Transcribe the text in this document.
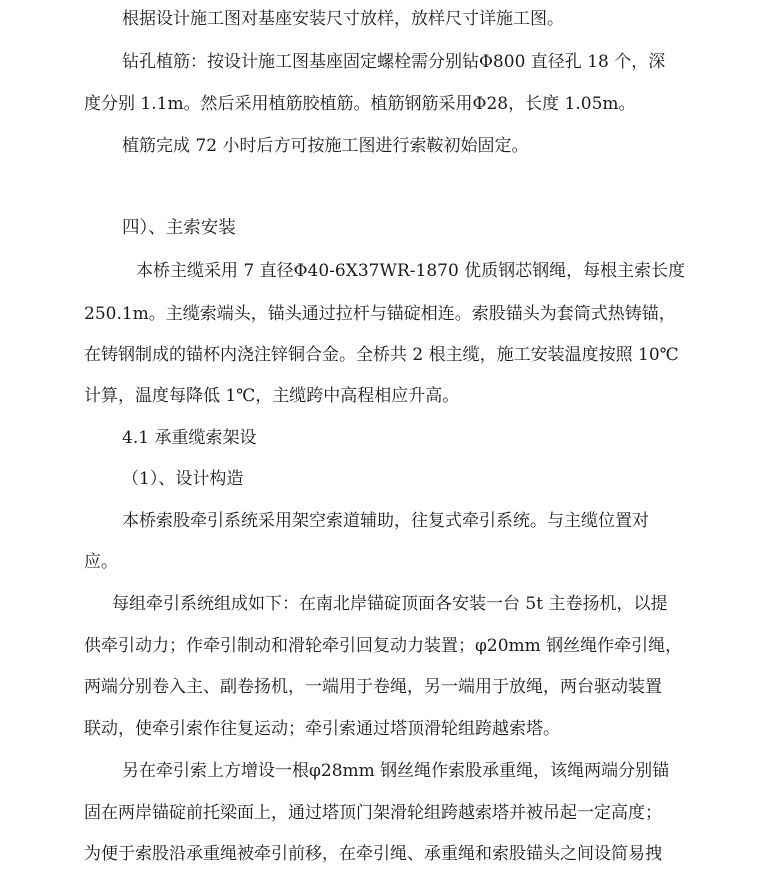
根据设计施工图对基座安装尺寸放样，放样尺寸详施工图。
钻孔植筋：按设计施工图基座固定螺栓需分别钻Φ800 直径孔 18 个，深
度分别 1.1m。然后采用植筋胶植筋。植筋钢筋采用Φ28，长度 1.05m。
植筋完成 72 小时后方可按施工图进行索鞍初始固定。
四）、主索安装
本桥主缆采用 7 直径Φ40-6X37WR-1870 优质钢芯钢绳，每根主索长度
250.1m。主缆索端头，锚头通过拉杆与锚碇相连。索股锚头为套筒式热铸锚，
在铸钢制成的锚杯内浇注锌铜合金。全桥共 2 根主缆，施工安装温度按照 10℃
计算，温度每降低 1℃，主缆跨中高程相应升高。
4.1 承重缆索架设
（1）、设计构造
本桥索股牵引系统采用架空索道辅助，往复式牵引系统。与主缆位置对
应。
每组牵引系统组成如下：在南北岸锚碇顶面各安装一台 5t 主卷扬机，以提
供牵引动力；作牵引制动和滑轮牵引回复动力装置；φ20mm 钢丝绳作牵引绳，
两端分别卷入主、副卷扬机，一端用于卷绳，另一端用于放绳，两台驱动装置
联动，使牵引索作往复运动；牵引索通过塔顶滑轮组跨越索塔。
另在牵引索上方增设一根φ28mm 钢丝绳作索股承重绳，该绳两端分别锚
固在两岸锚碇前托梁面上，通过塔顶门架滑轮组跨越索塔并被吊起一定高度；
为便于索股沿承重绳被牵引前移，在牵引绳、承重绳和索股锚头之间设简易拽
